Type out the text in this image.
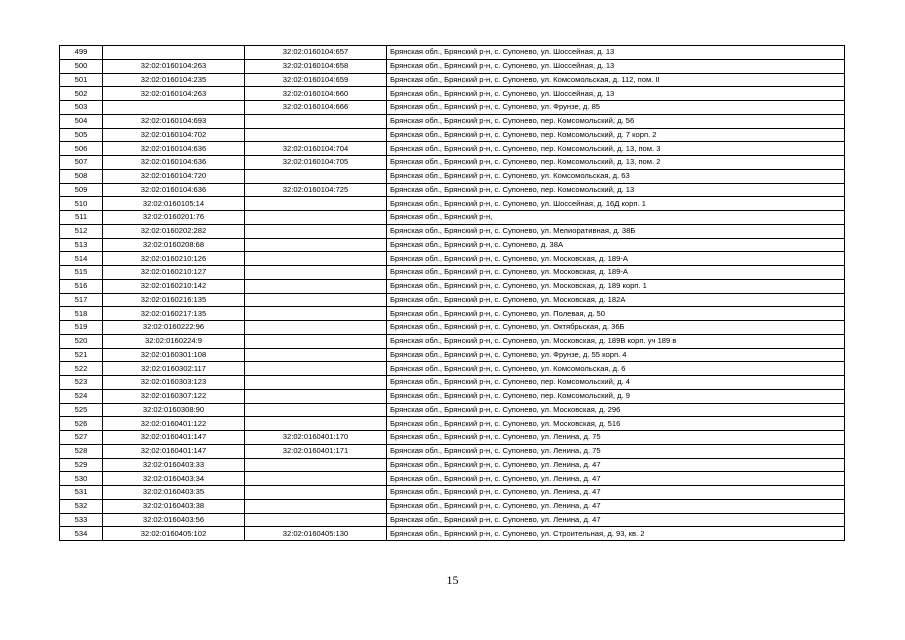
499		32:02:0160104:657	Брянская обл., Брянский р-н, с. Супонево, ул. Шоссейная, д. 13
500	32:02:0160104:263	32:02:0160104:658	Брянская обл., Брянский р-н, с. Супонево, ул. Шоссейная, д. 13
501	32:02:0160104:235	32:02:0160104:659	Брянская обл., Брянский р-н, с. Супонево, ул. Комсомольская, д. 112, пом. II
502	32:02:0160104:263	32:02:0160104:660	Брянская обл., Брянский р-н, с. Супонево, ул. Шоссейная, д. 13
503		32:02:0160104:666	Брянская обл., Брянский р-н, с. Супонево, ул. Фрунзе, д. 85
504	32:02:0160104:693		Брянская обл., Брянский р-н, с. Супонево, пер. Комсомольский, д. 56
505	32:02:0160104:702		Брянская обл., Брянский р-н, с. Супонево, пер. Комсомольский, д. 7 корп. 2
506	32:02:0160104:636	32:02:0160104:704	Брянская обл., Брянский р-н, с. Супонево, пер. Комсомольский, д. 13, пом. 3
507	32:02:0160104:636	32:02:0160104:705	Брянская обл., Брянский р-н, с. Супонево, пер. Комсомольский, д. 13, пом. 2
508	32:02:0160104:720		Брянская обл., Брянский р-н, с. Супонево, ул. Комсомольская, д. 63
509	32:02:0160104:636	32:02:0160104:725	Брянская обл., Брянский р-н, с. Супонево, пер. Комсомольский, д. 13
510	32:02:0160105:14		Брянская обл., Брянский р-н, с. Супонево, ул. Шоссейная, д. 16Д корп. 1
511	32:02:0160201:76		Брянская обл., Брянский р-н,
512	32:02:0160202:282		Брянская обл., Брянский р-н, с. Супонево, ул. Мелиоративная, д. 38Б
513	32:02:0160208:68		Брянская обл., Брянский р-н, с. Супонево, д. 38А
514	32:02:0160210:126		Брянская обл., Брянский р-н, с. Супонево, ул. Московская, д. 189-А
515	32:02:0160210:127		Брянская обл., Брянский р-н, с. Супонево, ул. Московская, д. 189-А
516	32:02:0160210:142		Брянская обл., Брянский р-н, с. Супонево, ул. Московская, д. 189 корп. 1
517	32:02:0160216:135		Брянская обл., Брянский р-н, с. Супонево, ул. Московская, д. 182А
518	32:02:0160217:135		Брянская обл., Брянский р-н, с. Супонево, ул. Полевая, д. 50
519	32:02:0160222:96		Брянская обл., Брянский р-н, с. Супонево, ул. Октябрьская, д. 36Б
520	32:02:0160224:9		Брянская обл., Брянский р-н, с. Супонево, ул. Московская, д. 189В корп. уч 189 в
521	32:02:0160301:108		Брянская обл., Брянский р-н, с. Супонево, ул. Фрунзе, д. 55 корп. 4
522	32:02:0160302:117		Брянская обл., Брянский р-н, с. Супонево, ул. Комсомольская, д. 6
523	32:02:0160303:123		Брянская обл., Брянский р-н, с. Супонево, пер. Комсомольский, д. 4
524	32:02:0160307:122		Брянская обл., Брянский р-н, с. Супонево, пер. Комсомольский, д. 9
525	32:02:0160308:90		Брянская обл., Брянский р-н, с. Супонево, ул. Московская, д. 296
526	32:02:0160401:122		Брянская обл., Брянский р-н, с. Супонево, ул. Московская, д. 516
527	32:02:0160401:147	32:02:0160401:170	Брянская обл., Брянский р-н, с. Супонево, ул. Ленина, д. 75
528	32:02:0160401:147	32:02:0160401:171	Брянская обл., Брянский р-н, с. Супонево, ул. Ленина, д. 75
529	32:02:0160403:33		Брянская обл., Брянский р-н, с. Супонево, ул. Ленина, д. 47
530	32:02:0160403:34		Брянская обл., Брянский р-н, с. Супонево, ул. Ленина, д. 47
531	32:02:0160403:35		Брянская обл., Брянский р-н, с. Супонево, ул. Ленина, д. 47
532	32:02:0160403:38		Брянская обл., Брянский р-н, с. Супонево, ул. Ленина, д. 47
533	32:02:0160403:56		Брянская обл., Брянский р-н, с. Супонево, ул. Ленина, д. 47
534	32:02:0160405:102	32:02:0160405:130	Брянская обл., Брянский р-н, с. Супонево, ул. Строительная, д. 93, кв. 2
15
